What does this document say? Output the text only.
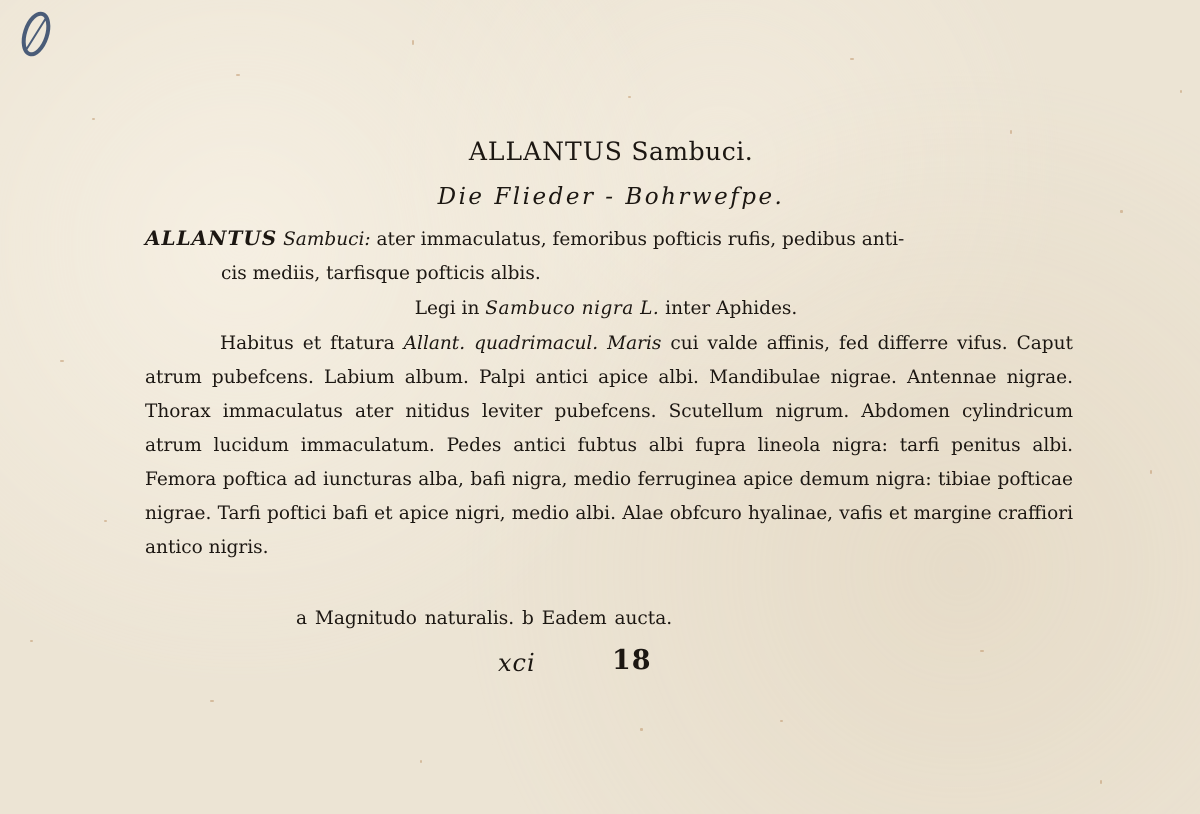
ALLANTUS Sambuci.
Die Flieder - Bohrwefpe.
ALLANTUS Sambuci: ater immaculatus, femoribus pofticis rufis, pedibus anti-
cis mediis, tarfisque pofticis albis.
Legi in Sambuco nigra L. inter Aphides.
Habitus et ftatura Allant. quadrimacul. Maris cui valde affinis, fed differre vifus. Caput atrum pubefcens. Labium album. Palpi antici apice albi. Mandibulae nigrae. Antennae nigrae. Thorax immaculatus ater nitidus leviter pubefcens. Scutellum nigrum. Abdomen cylindricum atrum lucidum immaculatum. Pedes antici fubtus albi fupra lineola nigra: tarfi penitus albi. Femora poftica ad iuncturas alba, bafi nigra, medio ferruginea apice demum nigra: tibiae pofticae nigrae. Tarfi poftici bafi et apice nigri, medio albi. Alae obfcuro hyalinae, vafis et margine craffiori antico nigris.
a Magnitudo naturalis. b Eadem aucta.
xci	18
